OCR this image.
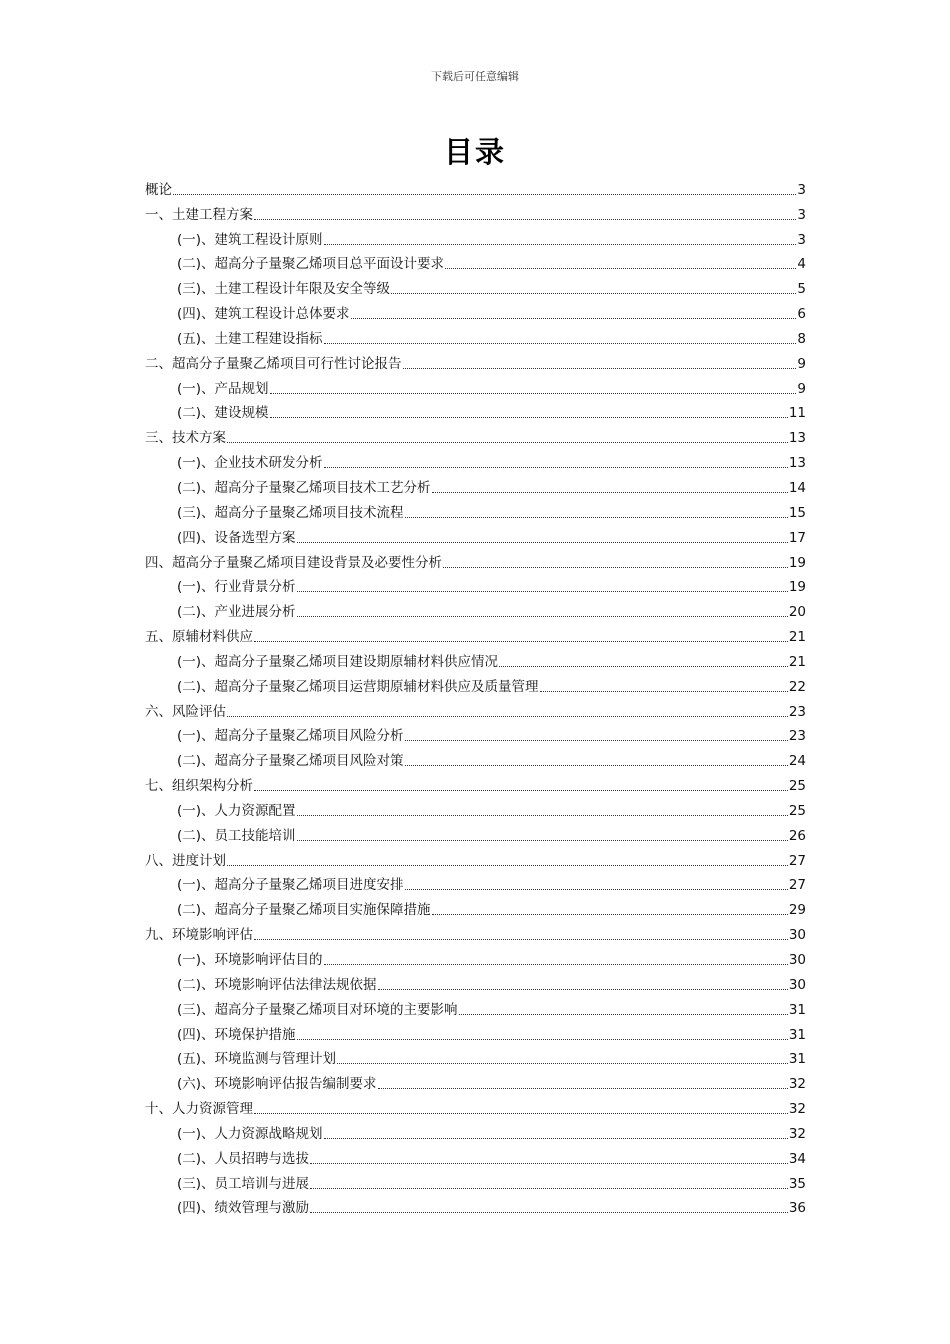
下载后可任意编辑
目录
概论	3
一、土建工程方案	3
(一)、建筑工程设计原则	3
(二)、超高分子量聚乙烯项目总平面设计要求	4
(三)、土建工程设计年限及安全等级	5
(四)、建筑工程设计总体要求	6
(五)、土建工程建设指标	8
二、超高分子量聚乙烯项目可行性讨论报告	9
(一)、产品规划	9
(二)、建设规模	11
三、技术方案	13
(一)、企业技术研发分析	13
(二)、超高分子量聚乙烯项目技术工艺分析	14
(三)、超高分子量聚乙烯项目技术流程	15
(四)、设备选型方案	17
四、超高分子量聚乙烯项目建设背景及必要性分析	19
(一)、行业背景分析	19
(二)、产业进展分析	20
五、原辅材料供应	21
(一)、超高分子量聚乙烯项目建设期原辅材料供应情况	21
(二)、超高分子量聚乙烯项目运营期原辅材料供应及质量管理	22
六、风险评估	23
(一)、超高分子量聚乙烯项目风险分析	23
(二)、超高分子量聚乙烯项目风险对策	24
七、组织架构分析	25
(一)、人力资源配置	25
(二)、员工技能培训	26
八、进度计划	27
(一)、超高分子量聚乙烯项目进度安排	27
(二)、超高分子量聚乙烯项目实施保障措施	29
九、环境影响评估	30
(一)、环境影响评估目的	30
(二)、环境影响评估法律法规依据	30
(三)、超高分子量聚乙烯项目对环境的主要影响	31
(四)、环境保护措施	31
(五)、环境监测与管理计划	31
(六)、环境影响评估报告编制要求	32
十、人力资源管理	32
(一)、人力资源战略规划	32
(二)、人员招聘与选拔	34
(三)、员工培训与进展	35
(四)、绩效管理与激励	36
